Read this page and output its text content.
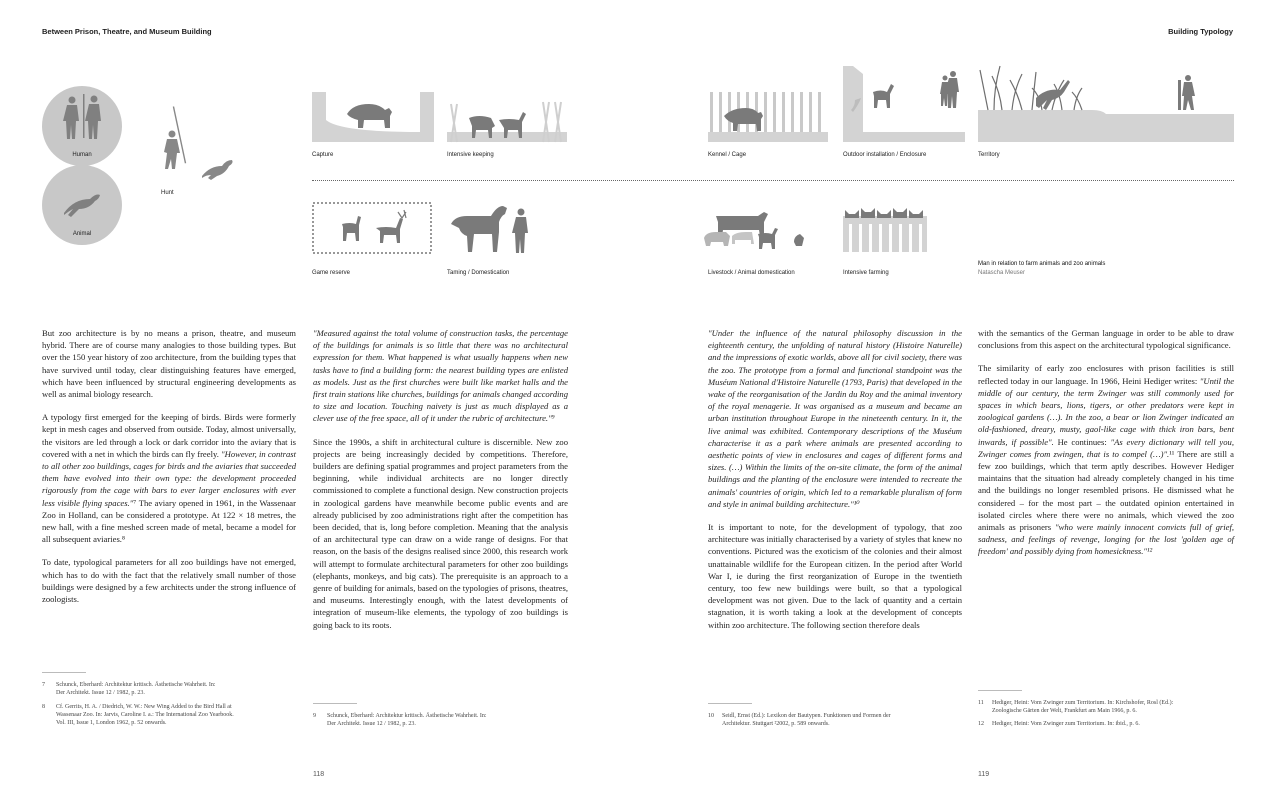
Between Prison, Theatre, and Museum Building	Building Typology
Human
Animal
Hunt
Capture	Intensive keeping	Kennel / Cage	Outdoor installation / Enclosure	Territory
Game reserve	Taming / Domestication	Livestock / Animal domestication	Intensive farming
Man in relation to farm animals and zoo animals
Natascha Meuser

But zoo architecture is by no means a prison, theatre, and museum hybrid. There are of course many analogies to those building types. But over the 150 year history of zoo architecture, from the building types that have survived until today, clear distinguishing features have emerged, which have been influenced by structural engineering developments as well as animal biology research.

A typology first emerged for the keeping of birds. Birds were formerly kept in mesh cages and observed from outside. Today, almost universally, the visitors are led through a lock or dark corridor into the aviary that is covered with a net in which the birds can fly freely. "However, in contrast to all other zoo buildings, cages for birds and the aviaries that succeeded them have evolved into their own type: the development proceeded rigorously from the cage with bars to ever larger enclosures with ever less visible flying spaces."⁷ The aviary opened in 1961, in the Wassenaar Zoo in Holland, can be considered a prototype. At 122 × 18 metres, the new hall, with a fine meshed screen made of metal, became a model for all subsequent aviaries.⁸

To date, typological parameters for all zoo buildings have not emerged, which has to do with the fact that the relatively small number of those buildings were designed by a few architects under the strong influence of zoologists.

"Measured against the total volume of construction tasks, the percentage of the buildings for animals is so little that there was no architectural expression for them. What happened is what usually happens when new tasks have to find a building form: the nearest building types are enlisted as models. Just as the first churches were built like market halls and the first train stations like churches, buildings for animals changed according to size and location. Touching naivety is just as much displayed as a clever use of the free space, all of it under the rubric of architecture."⁹

Since the 1990s, a shift in architectural culture is discernible. New zoo projects are being increasingly decided by competitions. Therefore, builders are defining spatial programmes and project parameters from the beginning, while individual architects are no longer directly commissioned to complete a functional design. New construction projects in zoological gardens have meanwhile become public events and are already publicised by zoo administrations right after the competition has been decided, that is, long before completion. Meaning that the analysis of an architectural type can draw on a wide range of designs. For that reason, on the basis of the designs realised since 2000, this research work will attempt to formulate architectural parameters for other zoo buildings (elephants, monkeys, and big cats). The prerequisite is an approach to a genre of building for animals, based on the typologies of prisons, theatres, and museums. Interestingly enough, with the latest developments of integration of museum-like elements, the typology of zoo buildings is going back to its roots.

"Under the influence of the natural philosophy discussion in the eighteenth century, the unfolding of natural history (Histoire Naturelle) and the impressions of exotic worlds, above all for civil society, there was the zoo. The prototype from a formal and functional standpoint was the Muséum National d'Histoire Naturelle (1793, Paris) that developed in the wake of the reorganisation of the Jardin du Roy and the animal inventory of the royal menagerie. It was organised as a museum and became an urban institution throughout Europe in the nineteenth century. In it, the live animal was exhibited. Contemporary descriptions of the Muséum characterise it as a park where animals are presented according to aesthetic points of view in enclosures and cages of different forms and sizes. (…) Within the limits of the on-site climate, the form of the animal buildings and the planting of the enclosure were intended to recreate the animals' countries of origin, which led to a remarkable pluralism of form and style in animal building architecture."¹⁰

It is important to note, for the development of typology, that zoo architecture was initially characterised by a variety of styles that knew no conventions. Pictured was the exoticism of the colonies and their almost unattainable wildlife for the European citizen. In the period after World War I, ie during the first reorganization of Europe in the twentieth century, too few new buildings were built, so that a typological development was not given. Due to the lack of quantity and a certain stagnation, it is worth taking a look at the development of concepts within zoo architecture. The following section therefore deals

with the semantics of the German language in order to be able to draw conclusions from this aspect on the architectural typological significance.

The similarity of early zoo enclosures with prison facilities is still reflected today in our language. In 1966, Heini Hediger writes: "Until the middle of our century, the term Zwinger was still commonly used for spaces in which bears, lions, tigers, or other predators were kept in zoological gardens (…). In the zoo, a bear or lion Zwinger indicated an old-fashioned, dreary, musty, gaol-like cage with thick iron bars, bent inwards, if possible". He continues: "As every dictionary will tell you, Zwinger comes from zwingen, that is to compel (…)".¹¹ There are still a few zoo buildings, which that term aptly describes. However Hediger maintains that the situation had already completely changed in his time and the buildings no longer resembled prisons. He dismissed what he considered – for the most part – the outdated opinion entertained in isolated circles where there were no animals, which viewed the zoo animals as prisoners "who were mainly innocent convicts full of grief, sadness, and feelings of revenge, longing for the lost 'golden age of freedom' and possibly dying from homesickness."¹²

7 Schunck, Eberhard: Architektur kritisch. Ästhetische Wahrheit. In:
Der Architekt. Issue 12 / 1982, p. 23.
8 Cf. Gerrits, H. A. / Diedrich, W. W.: New Wing Added to the Bird Hall at
Wassenaar Zoo. In: Jarvis, Caroline I. a.: The International Zoo Yearbook.
Vol. III, Issue 1, London 1962, p. 52 onwards.
9 Schunck, Eberhard: Architektur kritisch. Ästhetische Wahrheit. In:
Der Architekt. Issue 12 / 1982, p. 23.
10 Seidl, Ernst (Ed.): Lexikon der Bautypen. Funktionen und Formen der
Architektur. Stuttgart ²2002, p. 589 onwards.
11 Hediger, Heini: Vom Zwinger zum Territorium. In: Kirchshofer, Rosl (Ed.):
Zoologische Gärten der Welt, Frankfurt am Main 1966, p. 6.
12 Hediger, Heini: Vom Zwinger zum Territorium. In: ibid., p. 6.
118	119
